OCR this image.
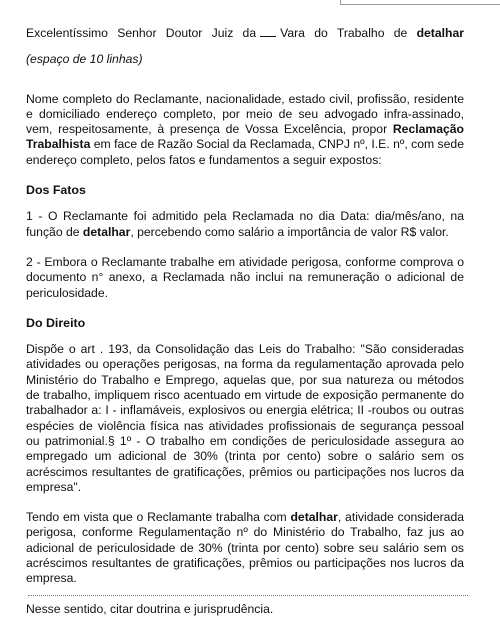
Excelentíssimo Senhor Doutor Juiz da Vara do Trabalho de detalhar

(espaço de 10 linhas)

Nome completo do Reclamante, nacionalidade, estado civil, profissão, residente e domiciliado endereço completo, por meio de seu advogado infra-assinado, vem, respeitosamente, à presença de Vossa Excelência, propor Reclamação Trabalhista em face de Razão Social da Reclamada, CNPJ nº, I.E. nº, com sede endereço completo, pelos fatos e fundamentos a seguir expostos:

Dos Fatos

1 - O Reclamante foi admitido pela Reclamada no dia Data: dia/mês/ano, na função de detalhar, percebendo como salário a importância de valor R$ valor.

2 - Embora o Reclamante trabalhe em atividade perigosa, conforme comprova o documento n° anexo, a Reclamada não inclui na remuneração o adicional de periculosidade.

Do Direito

Dispõe o art . 193, da Consolidação das Leis do Trabalho: "São consideradas atividades ou operações perigosas, na forma da regulamentação aprovada pelo Ministério do Trabalho e Emprego, aquelas que, por sua natureza ou métodos de trabalho, impliquem risco acentuado em virtude de exposição permanente do trabalhador a: I - inflamáveis, explosivos ou energia elétrica; II -roubos ou outras espécies de violência física nas atividades profissionais de segurança pessoal ou patrimonial.§ 1º - O trabalho em condições de periculosidade assegura ao empregado um adicional de 30% (trinta por cento) sobre o salário sem os acréscimos resultantes de gratificações, prêmios ou participações nos lucros da empresa".

Tendo em vista que o Reclamante trabalha com detalhar, atividade considerada perigosa, conforme Regulamentação nº do Ministério do Trabalho, faz jus ao adicional de periculosidade de 30% (trinta por cento) sobre seu salário sem os acréscimos resultantes de gratificações, prêmios ou participações nos lucros da empresa.

Nesse sentido, citar doutrina e jurisprudência.
